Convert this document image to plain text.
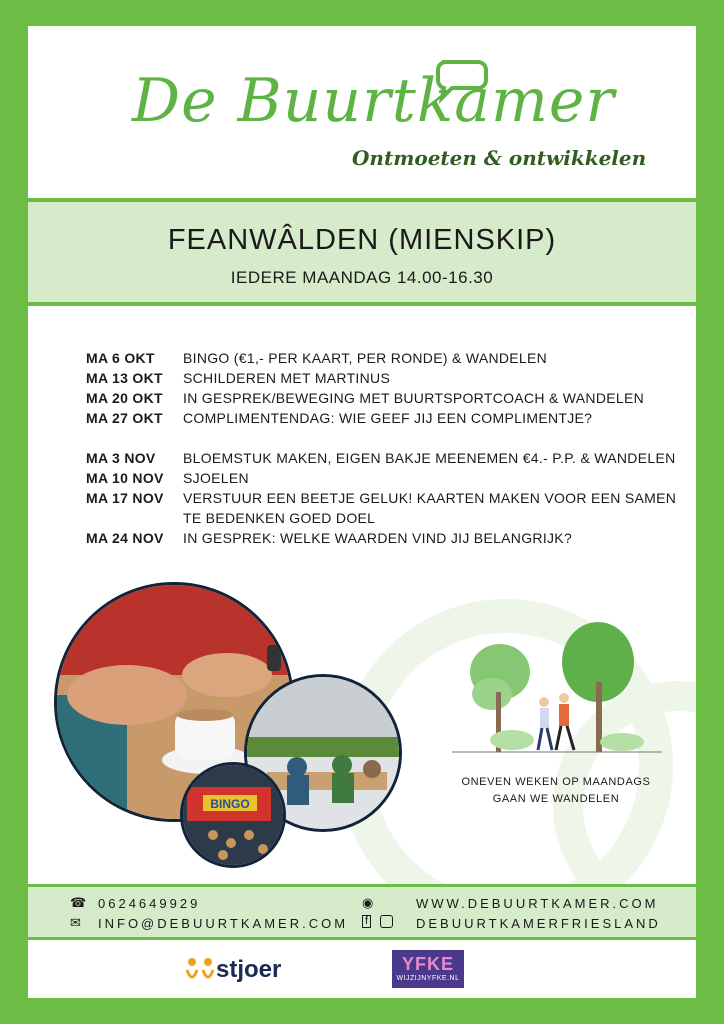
De Buurtkamer
Ontmoeten & ontwikkelen
FEANWÂLDEN (MIENSKIP)
IEDERE MAANDAG 14.00-16.30
MA 6 OKT	BINGO (€1,- PER KAART, PER RONDE) & WANDELEN
MA 13 OKT	SCHILDEREN MET MARTINUS
MA 20 OKT	IN GESPREK/BEWEGING MET BUURTSPORTCOACH & WANDELEN
MA 27 OKT	COMPLIMENTENDAG: WIE GEEF JIJ EEN COMPLIMENTJE?
MA 3 NOV	BLOEMSTUK MAKEN, EIGEN BAKJE MEENEMEN €4.- P.P. & WANDELEN
MA 10 NOV	SJOELEN
MA 17 NOV	VERSTUUR EEN BEETJE GELUK! KAARTEN MAKEN VOOR EEN SAMEN TE BEDENKEN GOED DOEL
MA 24 NOV	IN GESPREK: WELKE WAARDEN VIND JIJ BELANGRIJK?
BINGO
ONEVEN WEKEN OP MAANDAGS
GAAN WE WANDELEN
☎ 0624649929
✉ INFO@DEBUURTKAMER.COM
◉	WWW.DEBUURTKAMER.COM
f	DEBUURTKAMERFRIESLAND
stjoer	YFKE
WIJZIJNYFKE.NL
